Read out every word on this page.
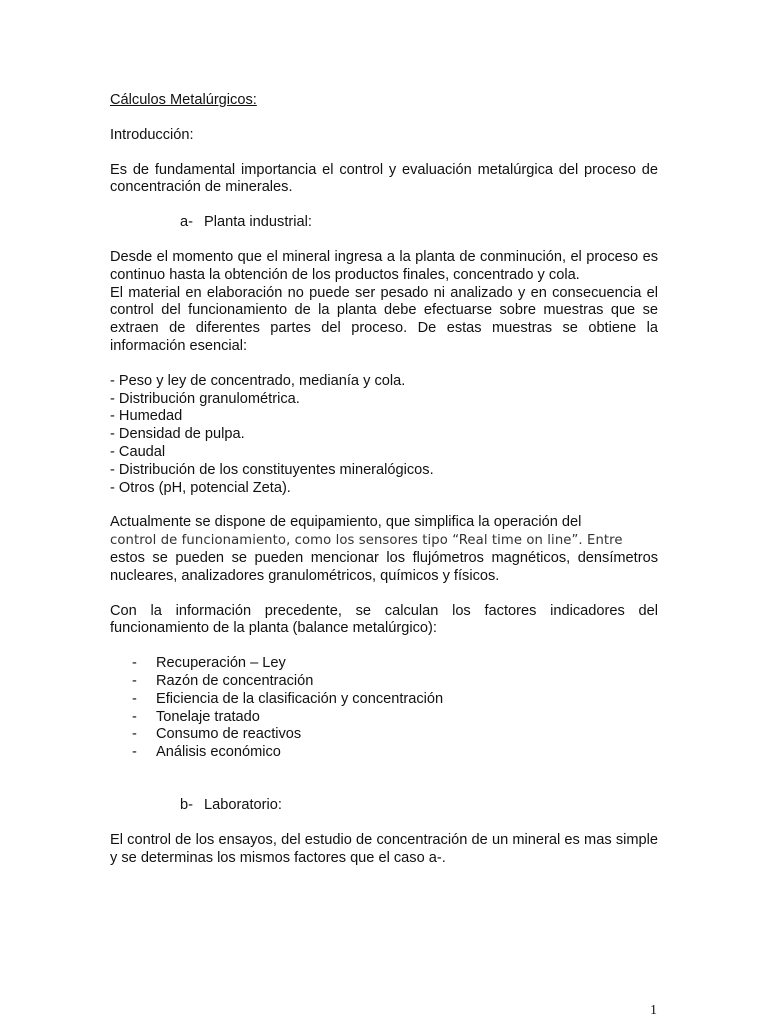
Cálculos Metalúrgicos:

Introducción:

Es de fundamental importancia el control y evaluación metalúrgica del proceso de concentración de minerales.

a- Planta industrial:

Desde el momento que el mineral ingresa a la planta de conminución, el proceso es continuo hasta la obtención de los productos finales, concentrado y cola.

El material en elaboración no puede ser pesado ni analizado y en consecuencia el control del funcionamiento de la planta debe efectuarse sobre muestras que se extraen de diferentes partes del proceso. De estas muestras se obtiene la información esencial:

- Peso y ley de concentrado, medianía y cola.
- Distribución granulométrica.
- Humedad
- Densidad de pulpa.
- Caudal
- Distribución de los constituyentes mineralógicos.
- Otros (pH, potencial Zeta).

Actualmente se dispone de equipamiento, que simplifica la operación del

control de funcionamiento, como los sensores tipo “Real time on line”. Entre

estos se pueden se pueden mencionar los flujómetros magnéticos, densímetros nucleares, analizadores granulométricos, químicos y físicos.

Con la información precedente, se calculan los factores indicadores del funcionamiento de la planta (balance metalúrgico):

- Recuperación – Ley
- Razón de concentración
- Eficiencia de la clasificación y concentración
- Tonelaje tratado
- Consumo de reactivos
- Análisis económico

b- Laboratorio:

El control de los ensayos, del estudio de concentración de un mineral es mas simple y se determinas los mismos factores que el caso a-.

1
